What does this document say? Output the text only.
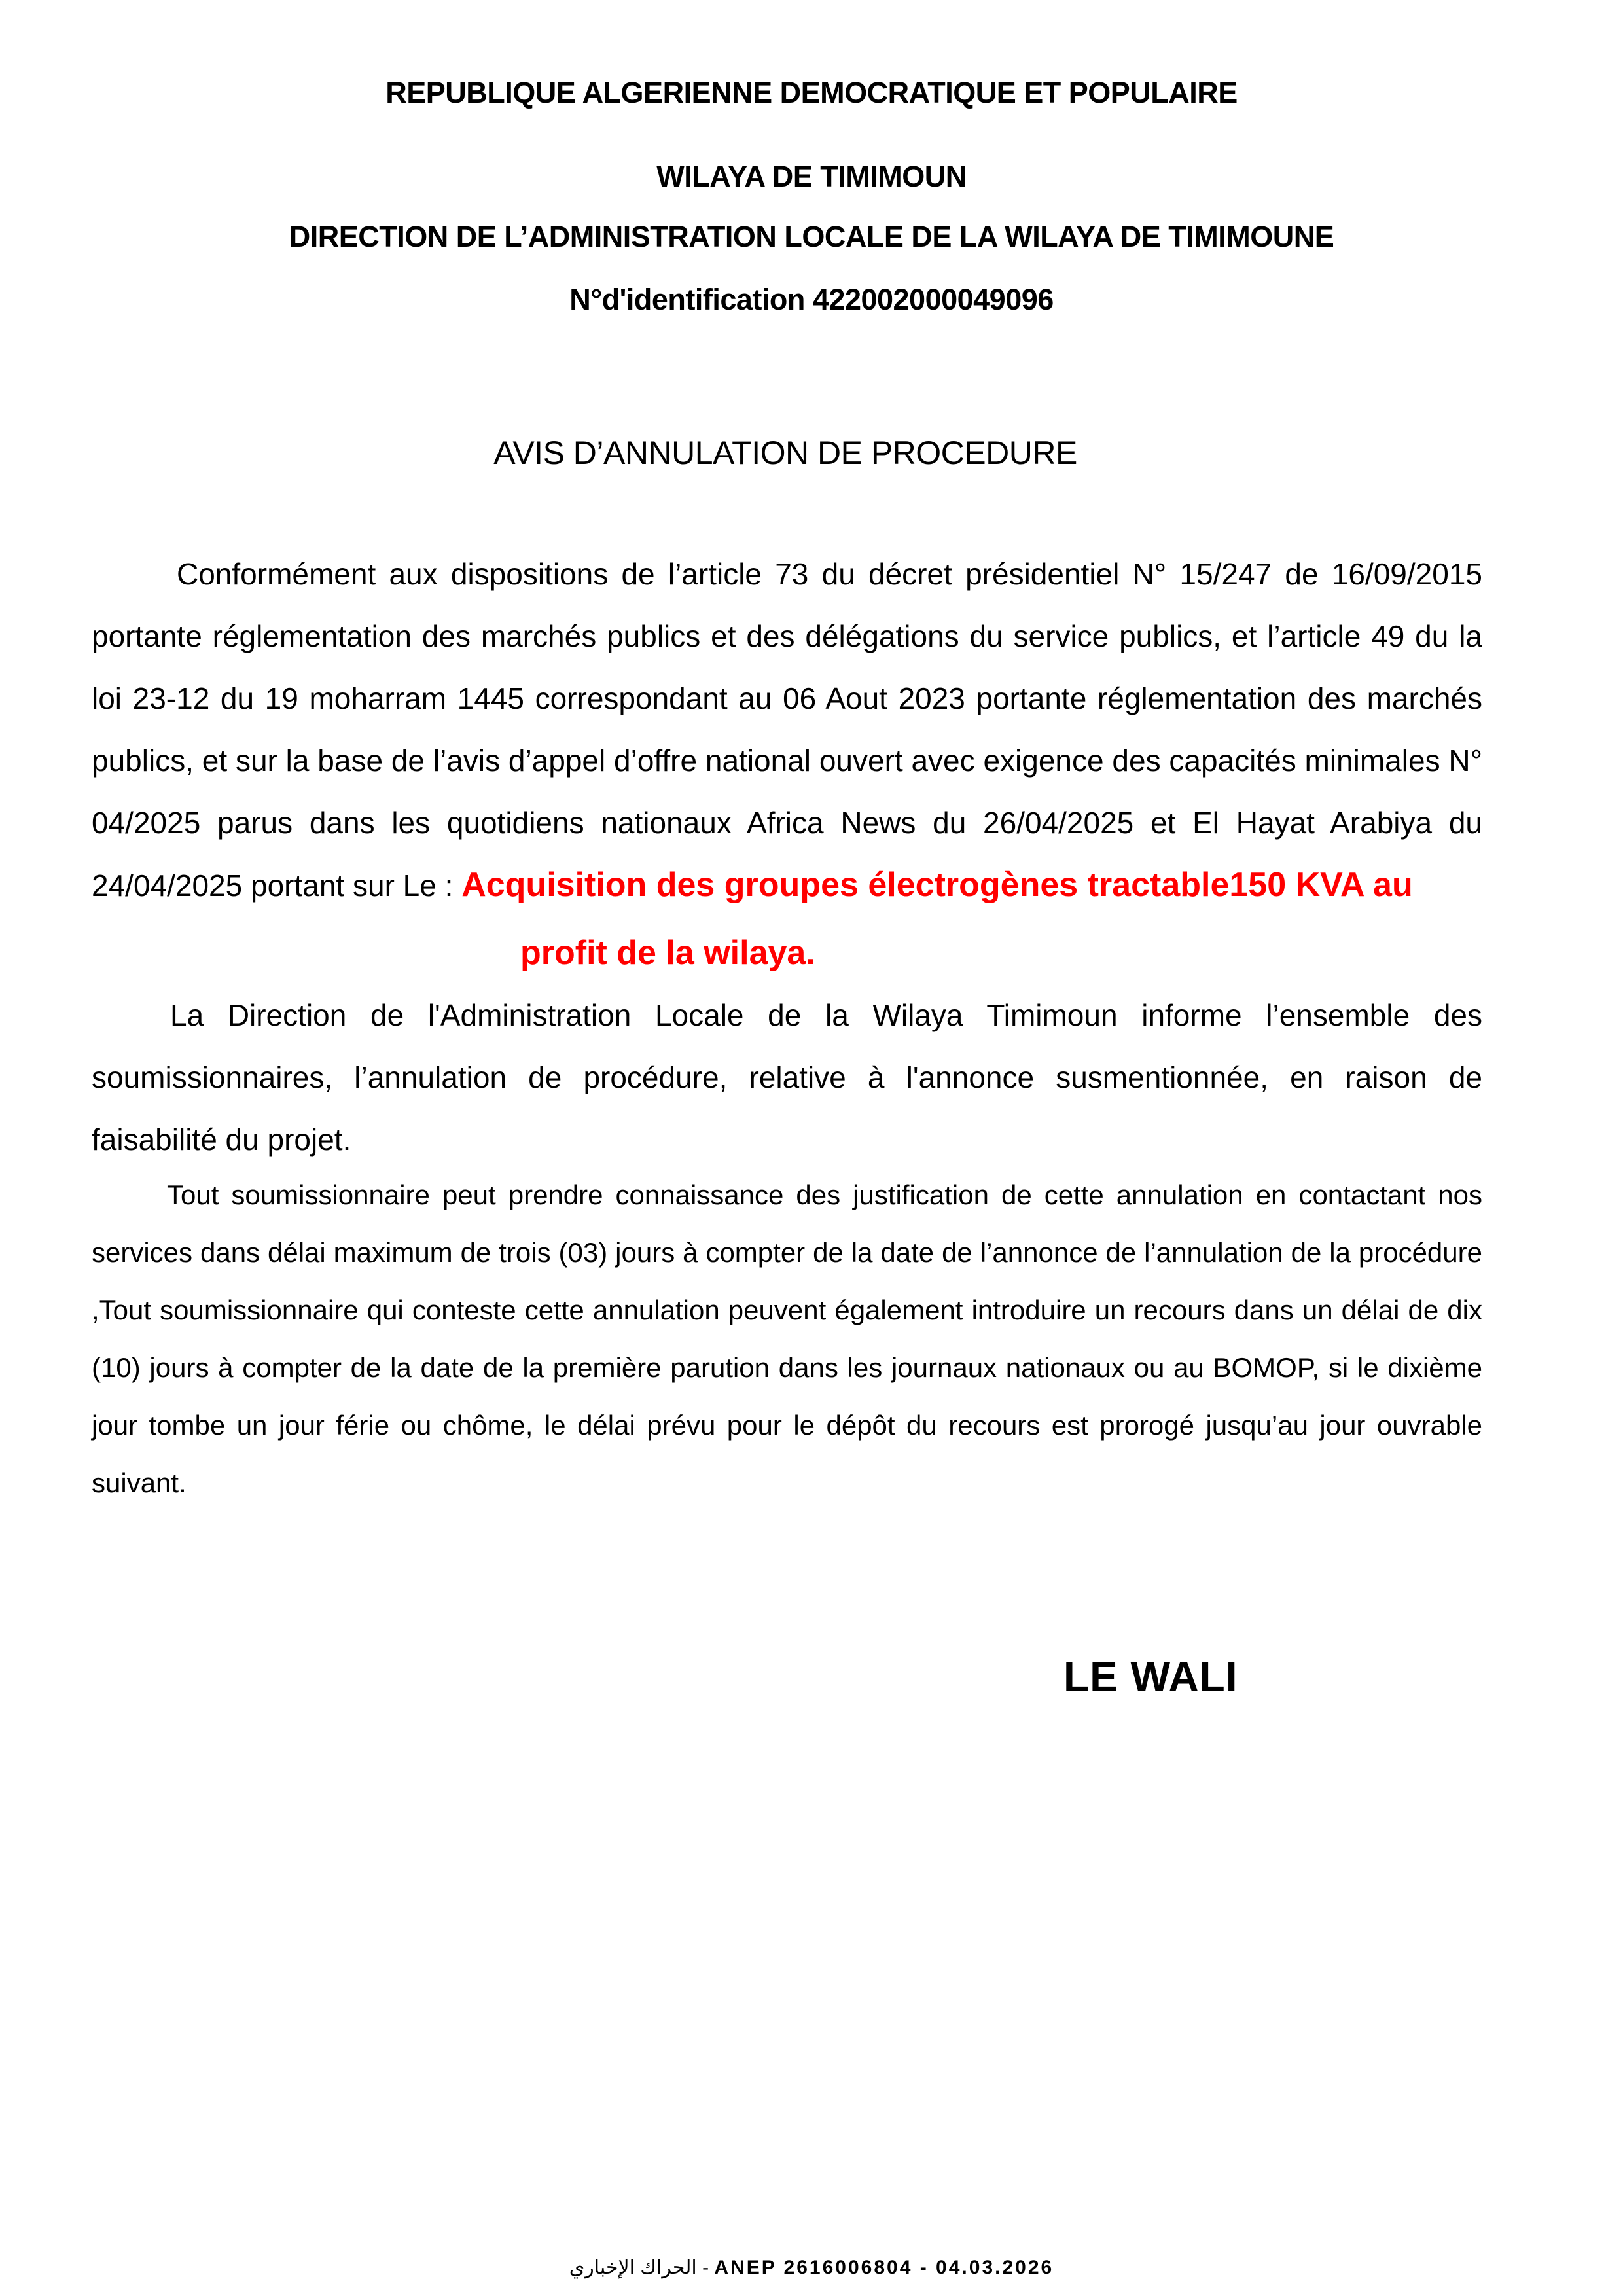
REPUBLIQUE ALGERIENNE DEMOCRATIQUE ET POPULAIRE
WILAYA DE TIMIMOUN
DIRECTION DE L’ADMINISTRATION LOCALE DE LA WILAYA DE TIMIMOUNE
N°d'identification 422002000049096
AVIS D’ANNULATION DE PROCEDURE

Conformément aux dispositions de l’article 73 du décret présidentiel N° 15/247 de 16/09/2015 portante réglementation des marchés publics et des délégations du service publics, et l’article 49 du la loi 23-12 du 19 moharram 1445 correspondant au 06 Aout 2023 portante réglementation des marchés publics, et sur la base de l’avis d’appel d’offre national ouvert avec exigence des capacités minimales N° 04/2025 parus dans les quotidiens nationaux Africa News du 26/04/2025 et El Hayat Arabiya du 24/04/2025 portant sur Le : Acquisition des groupes électrogènes tractable150 KVA au

profit de la wilaya.

La Direction de l'Administration Locale de la Wilaya Timimoun informe l’ensemble des soumissionnaires, l’annulation de procédure, relative à l'annonce susmentionnée, en raison de faisabilité du projet.

Tout soumissionnaire peut prendre connaissance des justification de cette annulation en contactant nos services dans délai maximum de trois (03) jours à compter de la date de l’annonce de l’annulation de la procédure ,Tout soumissionnaire qui conteste cette annulation peuvent également introduire un recours dans un délai de dix (10) jours à compter de la date de la première parution dans les journaux nationaux ou au BOMOP, si le dixième jour tombe un jour férie ou chôme, le délai prévu pour le dépôt du recours est prorogé jusqu’au jour ouvrable suivant.

LE WALI
الحراك الإخباري - ANEP 2616006804 - 04.03.2026
